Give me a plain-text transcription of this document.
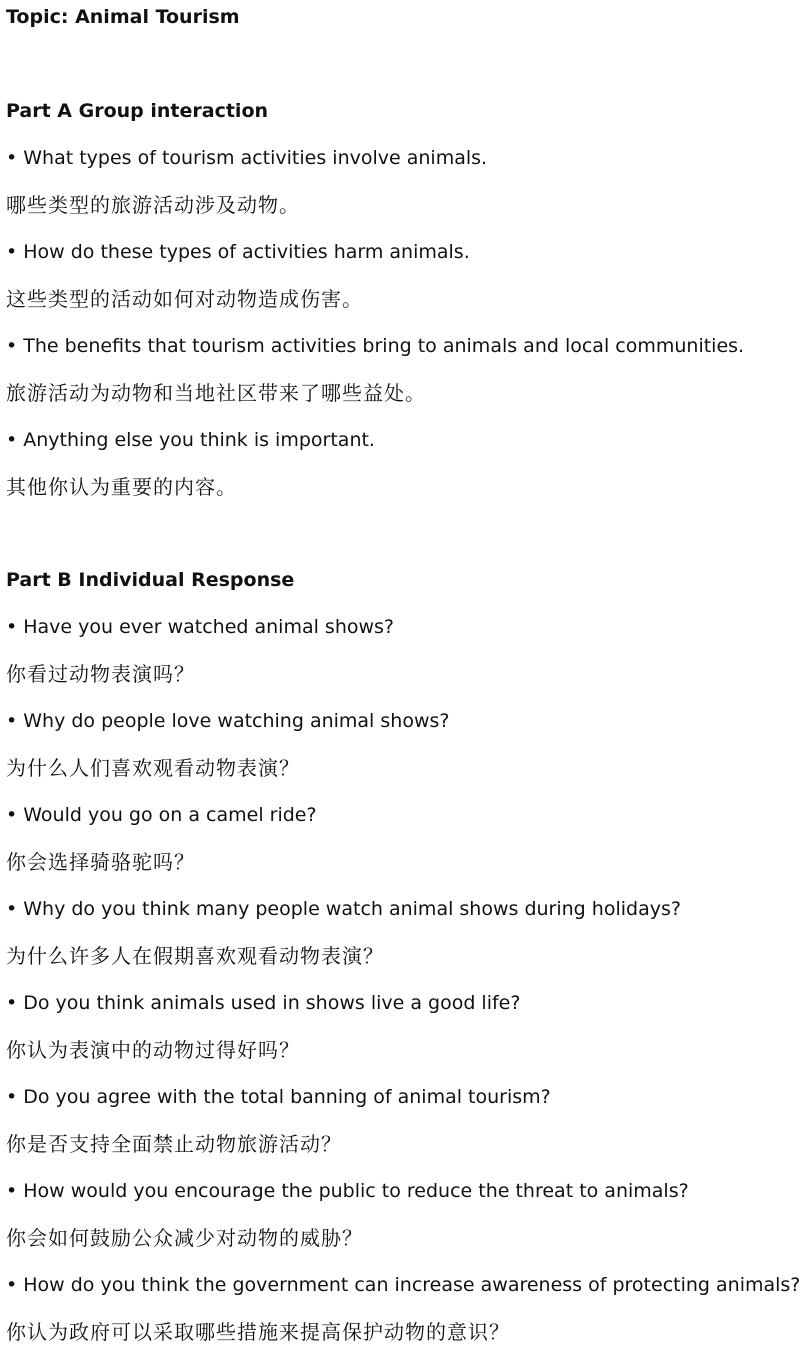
Topic: Animal Tourism
Part A Group interaction
• What types of tourism activities involve animals.
哪些类型的旅游活动涉及动物。
• How do these types of activities harm animals.
这些类型的活动如何对动物造成伤害。
• The benefits that tourism activities bring to animals and local communities.
旅游活动为动物和当地社区带来了哪些益处。
• Anything else you think is important.
其他你认为重要的内容。
Part B Individual Response
• Have you ever watched animal shows?
你看过动物表演吗？
• Why do people love watching animal shows?
为什么人们喜欢观看动物表演？
• Would you go on a camel ride?
你会选择骑骆驼吗？
• Why do you think many people watch animal shows during holidays?
为什么许多人在假期喜欢观看动物表演？
• Do you think animals used in shows live a good life?
你认为表演中的动物过得好吗？
• Do you agree with the total banning of animal tourism?
你是否支持全面禁止动物旅游活动？
• How would you encourage the public to reduce the threat to animals?
你会如何鼓励公众减少对动物的威胁？
• How do you think the government can increase awareness of protecting animals?
你认为政府可以采取哪些措施来提高保护动物的意识？
